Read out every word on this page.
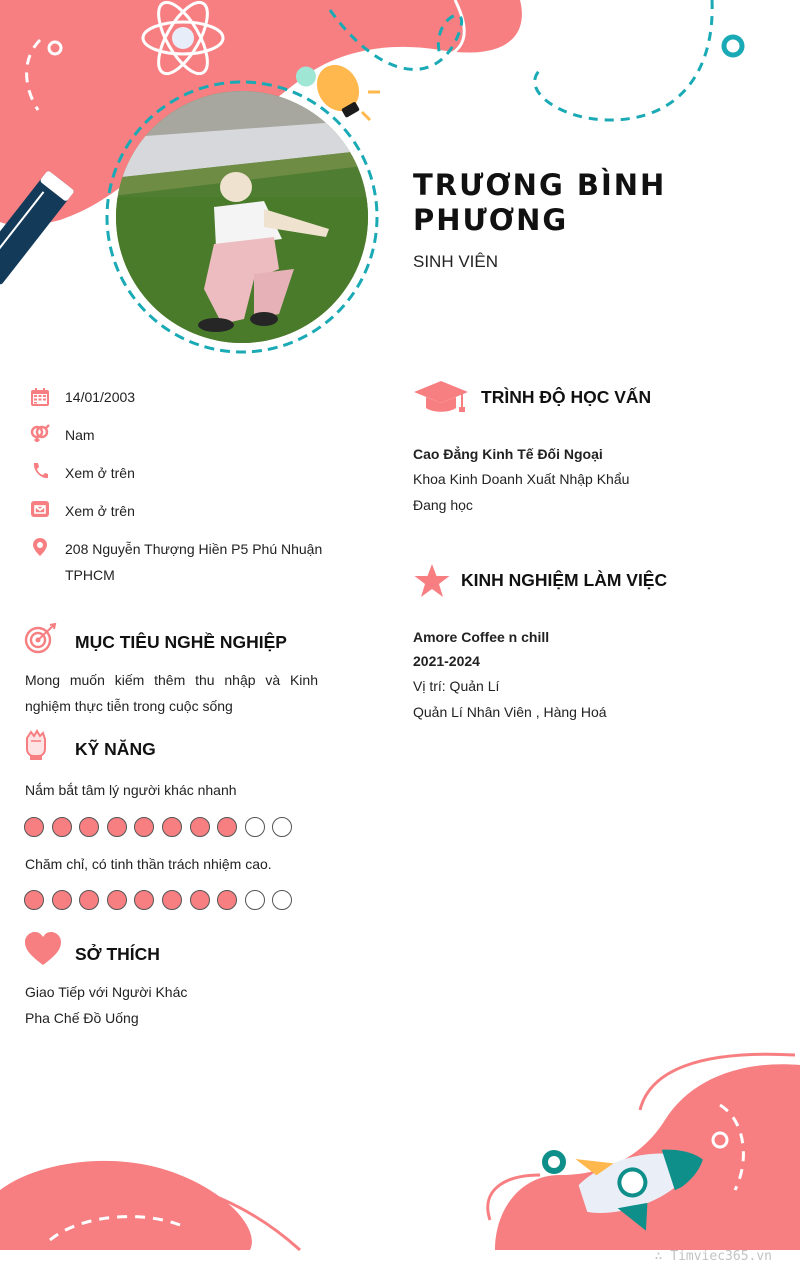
TRƯƠNG BÌNH PHƯƠNG
SINH VIÊN
14/01/2003
Nam
Xem ở trên
Xem ở trên
208 Nguyễn Thượng Hiền P5 Phú Nhuận TPHCM
MỤC TIÊU NGHỀ NGHIỆP
Mong muốn kiếm thêm thu nhập và Kinh nghiệm thực tiễn trong cuộc sống
KỸ NĂNG
Nắm bắt tâm lý người khác nhanh
Chăm chỉ, có tinh thần trách nhiệm cao.
SỞ THÍCH
Giao Tiếp với Người Khác
Pha Chế Đồ Uống
TRÌNH ĐỘ HỌC VẤN
Cao Đẳng Kinh Tế Đối Ngoại
Khoa Kinh Doanh Xuất Nhập Khẩu
Đang học
KINH NGHIỆM LÀM VIỆC
Amore Coffee n chill
2021-2024
Vị trí: Quản Lí
Quản Lí Nhân Viên , Hàng Hoá
∴ Timviec365.vn
